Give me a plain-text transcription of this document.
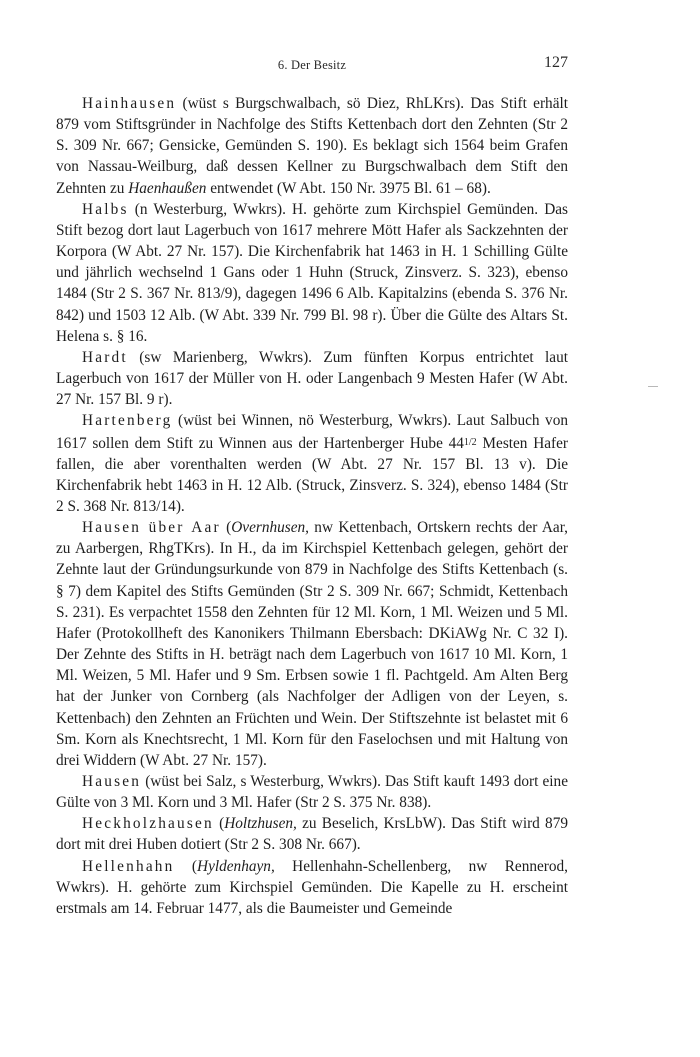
6. Der Besitz	127

Hainhausen (wüst s Burgschwalbach, sö Diez, RhLKrs). Das Stift erhält 879 vom Stiftsgründer in Nachfolge des Stifts Kettenbach dort den Zehnten (Str 2 S. 309 Nr. 667; Gensicke, Gemünden S. 190). Es beklagt sich 1564 beim Grafen von Nassau-Weilburg, daß dessen Kellner zu Burgschwalbach dem Stift den Zehnten zu Haenhaußen entwendet (W Abt. 150 Nr. 3975 Bl. 61 – 68).

Halbs (n Westerburg, Wwkrs). H. gehörte zum Kirchspiel Gemünden. Das Stift bezog dort laut Lagerbuch von 1617 mehrere Mött Hafer als Sackzehnten der Korpora (W Abt. 27 Nr. 157). Die Kirchenfabrik hat 1463 in H. 1 Schilling Gülte und jährlich wechselnd 1 Gans oder 1 Huhn (Struck, Zinsverz. S. 323), ebenso 1484 (Str 2 S. 367 Nr. 813/9), dagegen 1496 6 Alb. Kapitalzins (ebenda S. 376 Nr. 842) und 1503 12 Alb. (W Abt. 339 Nr. 799 Bl. 98 r). Über die Gülte des Altars St. Helena s. § 16.

Hardt (sw Marienberg, Wwkrs). Zum fünften Korpus entrichtet laut Lagerbuch von 1617 der Müller von H. oder Langenbach 9 Mesten Hafer (W Abt. 27 Nr. 157 Bl. 9 r).

Hartenberg (wüst bei Winnen, nö Westerburg, Wwkrs). Laut Salbuch von 1617 sollen dem Stift zu Winnen aus der Hartenberger Hube 441/2 Mesten Hafer fallen, die aber vorenthalten werden (W Abt. 27 Nr. 157 Bl. 13 v). Die Kirchenfabrik hebt 1463 in H. 12 Alb. (Struck, Zinsverz. S. 324), ebenso 1484 (Str 2 S. 368 Nr. 813/14).

Hausen über Aar (Overnhusen, nw Kettenbach, Ortskern rechts der Aar, zu Aarbergen, RhgTKrs). In H., da im Kirchspiel Kettenbach gelegen, gehört der Zehnte laut der Gründungsurkunde von 879 in Nachfolge des Stifts Kettenbach (s. § 7) dem Kapitel des Stifts Gemünden (Str 2 S. 309 Nr. 667; Schmidt, Kettenbach S. 231). Es verpachtet 1558 den Zehnten für 12 Ml. Korn, 1 Ml. Weizen und 5 Ml. Hafer (Protokollheft des Kanonikers Thilmann Ebersbach: DKiAWg Nr. C 32 I). Der Zehnte des Stifts in H. beträgt nach dem Lagerbuch von 1617 10 Ml. Korn, 1 Ml. Weizen, 5 Ml. Hafer und 9 Sm. Erbsen sowie 1 fl. Pachtgeld. Am Alten Berg hat der Junker von Cornberg (als Nachfolger der Adligen von der Leyen, s. Kettenbach) den Zehnten an Früchten und Wein. Der Stiftszehnte ist belastet mit 6 Sm. Korn als Knechtsrecht, 1 Ml. Korn für den Faselochsen und mit Haltung von drei Widdern (W Abt. 27 Nr. 157).

Hausen (wüst bei Salz, s Westerburg, Wwkrs). Das Stift kauft 1493 dort eine Gülte von 3 Ml. Korn und 3 Ml. Hafer (Str 2 S. 375 Nr. 838).

Heckholzhausen (Holtzhusen, zu Beselich, KrsLbW). Das Stift wird 879 dort mit drei Huben dotiert (Str 2 S. 308 Nr. 667).

Hellenhahn (Hyldenhayn, Hellenhahn-Schellenberg, nw Rennerod, Wwkrs). H. gehörte zum Kirchspiel Gemünden. Die Kapelle zu H. erscheint erstmals am 14. Februar 1477, als die Baumeister und Gemeinde
